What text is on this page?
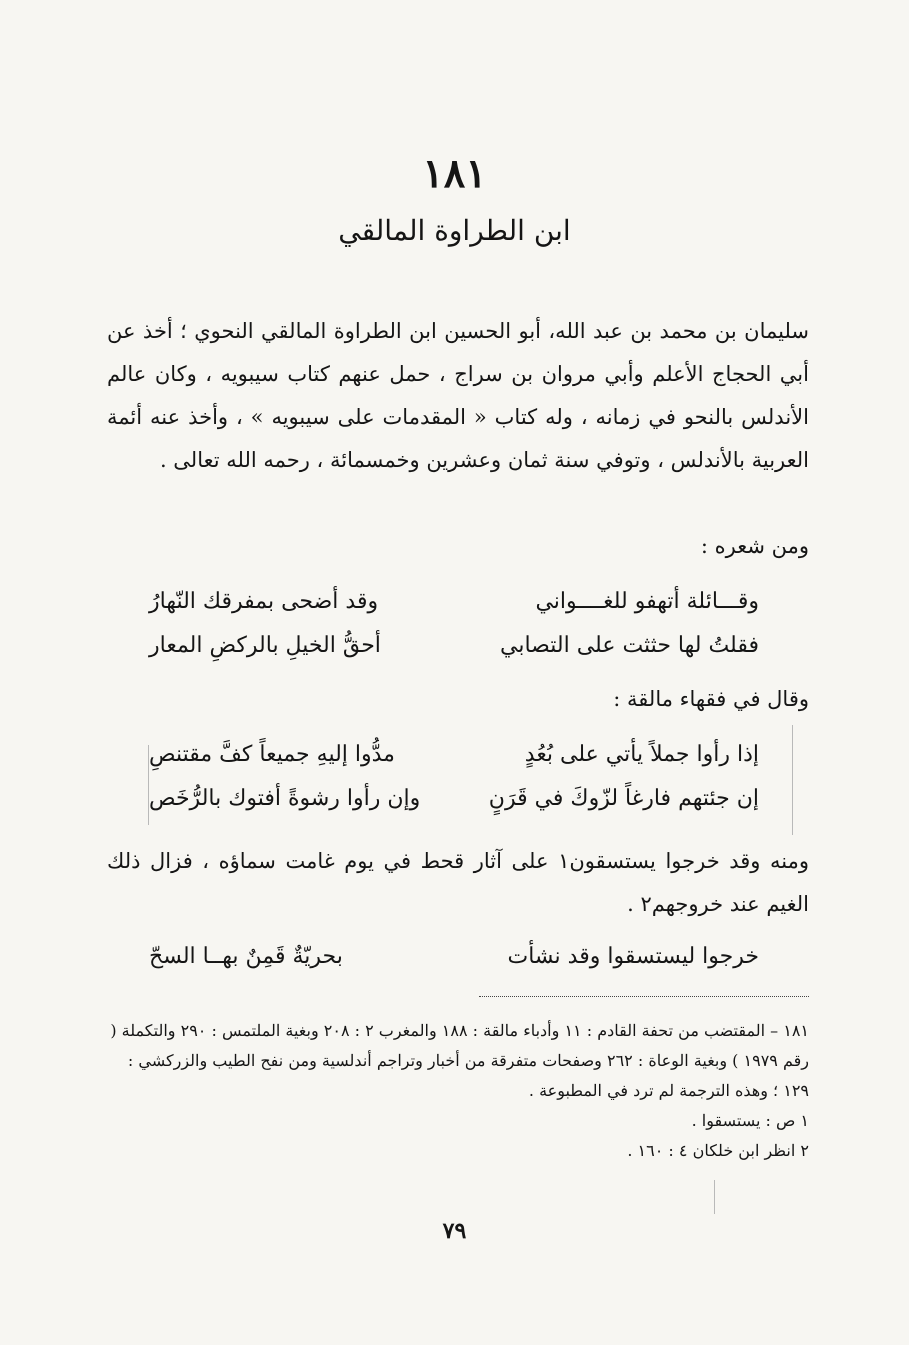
١٨١
ابن الطراوة المالقي

سليمان بن محمد بن عبد الله، أبو الحسين ابن الطراوة المالقي النحوي ؛ أخذ عن أبي الحجاج الأعلم وأبي مروان بن سراج ، حمل عنهم كتاب سيبويه ، وكان عالم الأندلس بالنحو في زمانه ، وله كتاب « المقدمات على سيبويه » ، وأخذ عنه أئمة العربية بالأندلس ، وتوفي سنة ثمان وعشرين وخمسمائة ، رحمه الله تعالى .

ومن شعره :
وقـــائلة أتهفو للغــــواني
وقد أضحى بمفرقك النّهارُ
فقلتُ لها حثثت على التصابي
أحقُّ الخيلِ بالركضِ المعار
وقال في فقهاء مالقة :
إذا رأوا جملاً يأتي على بُعُدٍ
مدُّوا إليهِ جميعاً كفَّ مقتنصِ
إن جئتهم فارغاً لزّوكَ في قَرَنٍ
وإن رأوا رشوةً أفتوك بالرُّخَص

ومنه وقد خرجوا يستسقون١ على آثار قحط في يوم غامت سماؤه ، فزال ذلك الغيم عند خروجهم٢ .

خرجوا ليستسقوا وقد نشأت
بحريّةٌ قَمِنٌ بهــا السحّ

١٨١ – المقتضب من تحفة القادم : ١١ وأدباء مالقة : ١٨٨ والمغرب ٢ : ٢٠٨ وبغية الملتمس : ٢٩٠ والتكملة ( رقم ١٩٧٩ ) وبغية الوعاة : ٢٦٢ وصفحات متفرقة من أخبار وتراجم أندلسية ومن نفح الطيب والزركشي : ١٢٩ ؛ وهذه الترجمة لم ترد في المطبوعة .

١ ص : يستسقوا .

٢ انظر ابن خلكان ٤ : ١٦٠ .

٧٩
